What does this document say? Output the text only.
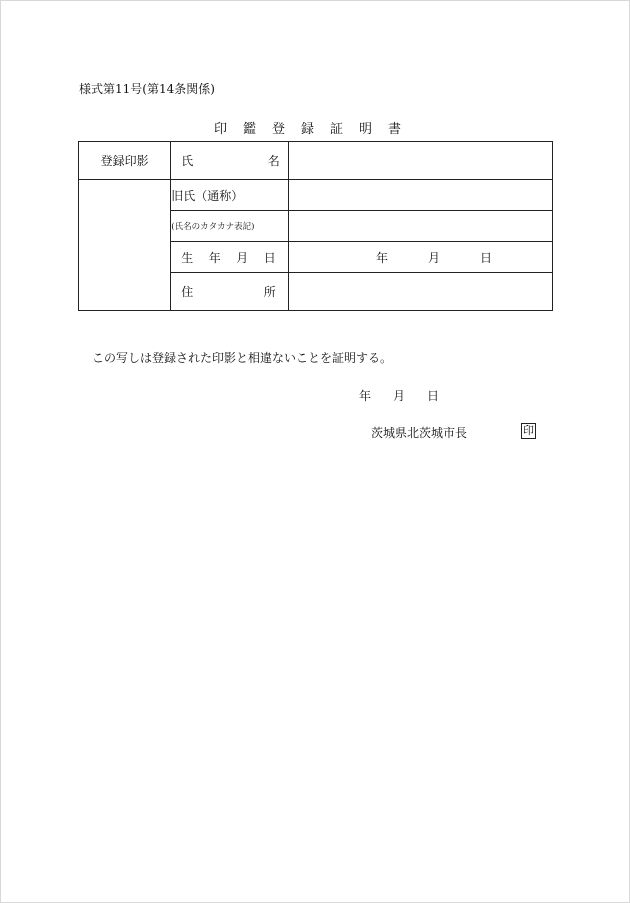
様式第11号(第14条関係)
印鑑登録証明書
登録印影	氏 名	

	旧氏（通称）	
	(氏名のカタカナ表記)	

	生 年 月 日	年 月 日

	住 所	

この写しは登録された印影と相違ないことを証明する。
年 月 日
茨城県北茨城市長	印
